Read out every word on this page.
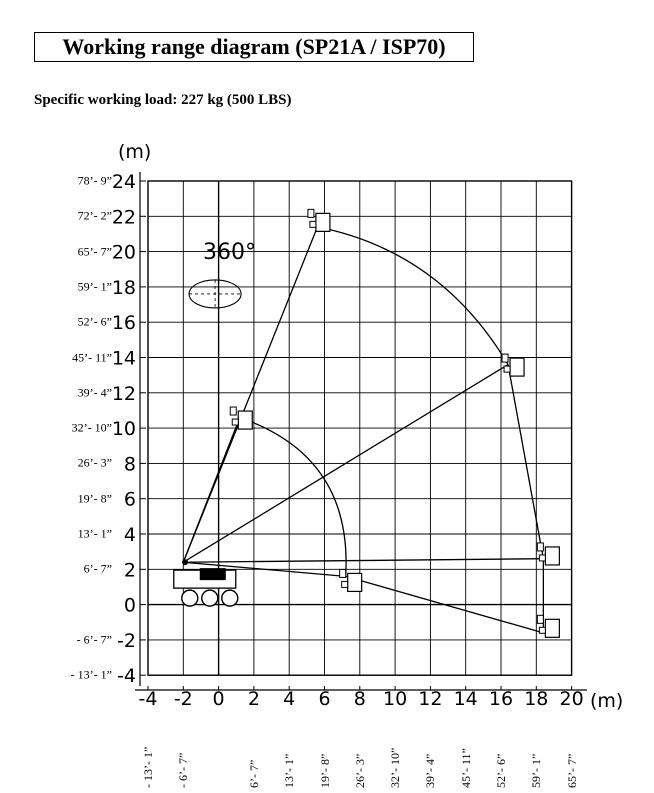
Working range diagram (SP21A / ISP70)
Specific working load: 227 kg (500 LBS)
24
22
20
18
16
14
12
10
8
6
4
2
0
-2
-4
-4 -2 0 2 4 6 8 10 12 14 16 18 20
(m)
(m)
360°
78’- 9”
72’- 2”
65’- 7”
59’- 1”
52’- 6”
45’- 11”
39’- 4”
32’- 10”
26’- 3”
19’- 8”
13’- 1”
6’- 7”
- 6’- 7”
- 13’- 1”
- 13’- 1” - 6’- 7”	6’- 7” 13’- 1” 19’- 8” 26’- 3” 32’- 10” 39’- 4” 45’- 11” 52’- 6” 59’- 1” 65’- 7”
